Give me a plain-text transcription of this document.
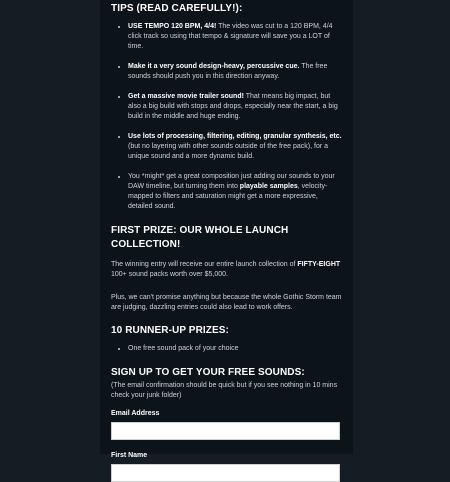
TIPS (READ CAREFULLY!):
• USE TEMPO 120 BPM, 4/4! The video was cut to a 120 BPM, 4/4 click track so using that tempo & signature will save you a LOT of time.
• Make it a very sound design-heavy, percussive cue. The free sounds should push you in this direction anyway.
• Get a massive movie trailer sound! That means big impact, but also a big build with stops and drops, especially near the start, a big build in the middle and huge ending.
• Use lots of processing, filtering, editing, granular synthesis, etc. (but no layering with other sounds outside of the free pack), for a unique sound and a more dynamic build.
• You *might* get a great composition just adding our sounds to your DAW timeline, but turning them into playable samples, velocity-mapped to filters and saturation might get a more expressive, detailed sound.
FIRST PRIZE: OUR WHOLE LAUNCH COLLECTION!

The winning entry will receive our entire launch collection of FIFTY-EIGHT 100+ sound packs worth over $5,000.

Plus, we can't promise anything but because the whole Gothic Storm team are judging, dazzling entries could also lead to work offers.

10 RUNNER-UP PRIZES:
• One free sound pack of your choice
SIGN UP TO GET YOUR FREE SOUNDS:
(The email confirmation should be quick but if you see nothing in 10 mins check your junk folder)
Email Address
First Name
